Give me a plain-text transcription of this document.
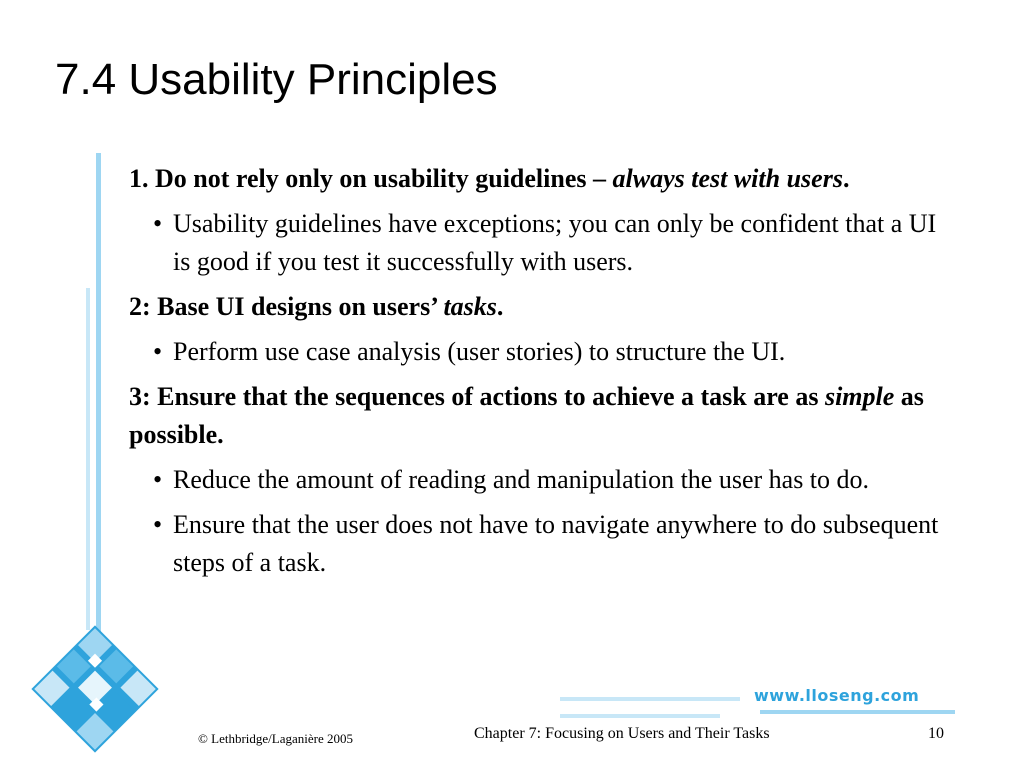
7.4 Usability Principles

1. Do not rely only on usability guidelines – always test with users.

• Usability guidelines have exceptions; you can only be confident that a UI is good if you test it successfully with users.

2: Base UI designs on users’ tasks.

• Perform use case analysis (user stories) to structure the UI.

3: Ensure that the sequences of actions to achieve a task are as simple as possible.

• Reduce the amount of reading and manipulation the user has to do.

• Ensure that the user does not have to navigate anywhere to do subsequent steps of a task.

www.lloseng.com
© Lethbridge/Laganière 2005	Chapter 7: Focusing on Users and Their Tasks	10
